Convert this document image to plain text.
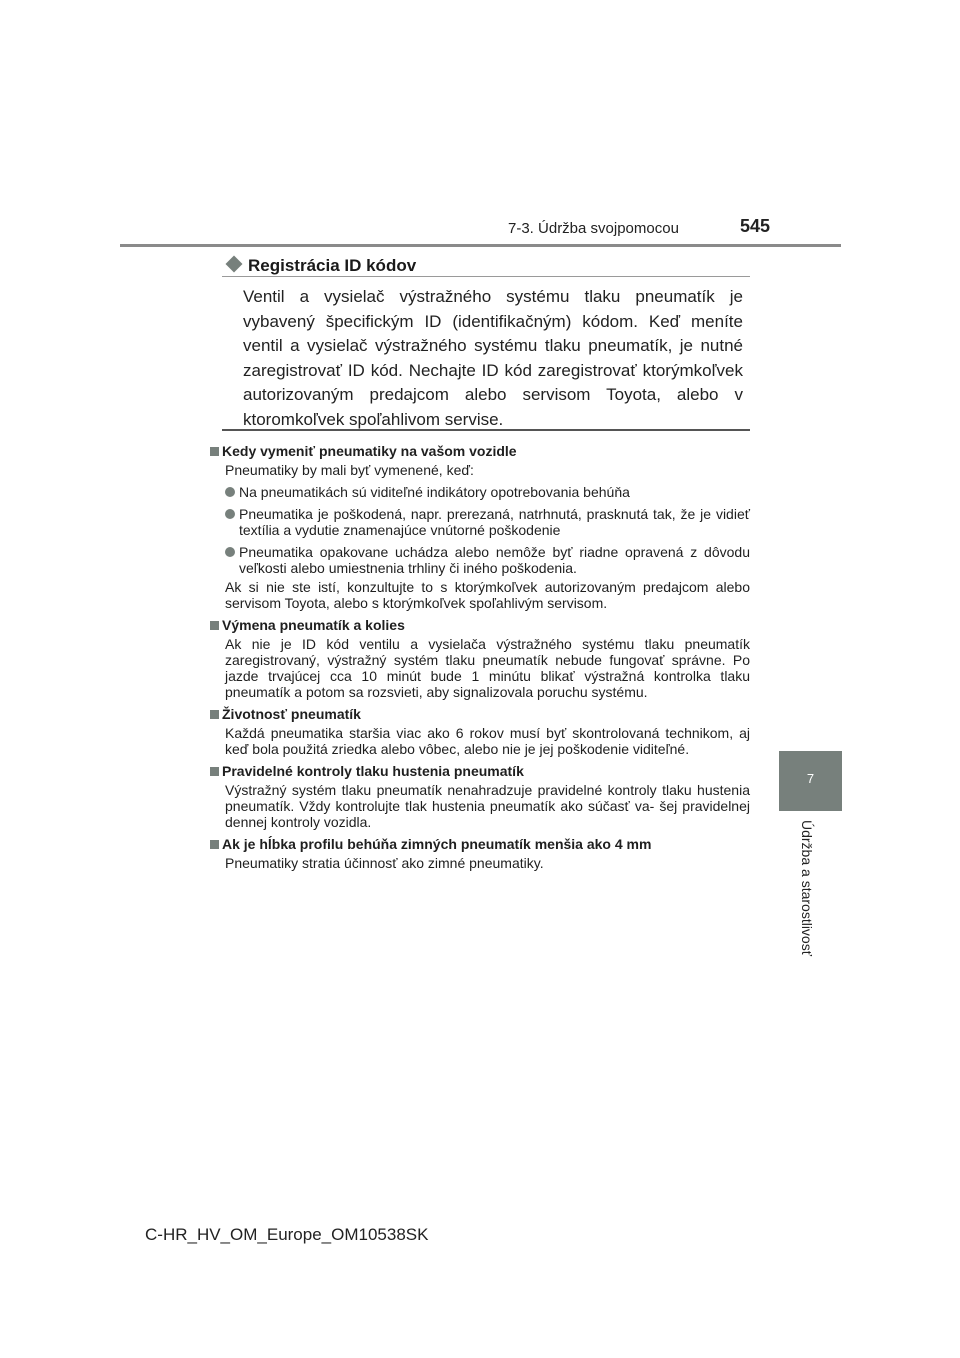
7-3. Údržba svojpomocou	545
7
Údržba a starostlivosť
Registrácia ID kódov
Ventil a vysielač výstražného systému tlaku pneumatík je vybavený špecifickým ID (identifikačným) kódom. Keď meníte ventil a vysielač výstražného systému tlaku pneumatík, je nutné zaregistrovať ID kód. Nechajte ID kód zaregistrovať ktorýmkoľvek autorizovaným predajcom alebo servisom Toyota, alebo v ktoromkoľvek spoľahlivom servise.
Kedy vymeniť pneumatiky na vašom vozidle
Pneumatiky by mali byť vymenené, keď:
Na pneumatikách sú viditeľné indikátory opotrebovania behúňa
Pneumatika je poškodená, napr. prerezaná, natrhnutá, prasknutá tak, že je vidieť textília a vydutie znamenajúce vnútorné poškodenie
Pneumatika opakovane uchádza alebo nemôže byť riadne opravená z dôvodu veľkosti alebo umiestnenia trhliny či iného poškodenia.
Ak si nie ste istí, konzultujte to s ktorýmkoľvek autorizovaným predajcom alebo servisom Toyota, alebo s ktorýmkoľvek spoľahlivým servisom.
Výmena pneumatík a kolies
Ak nie je ID kód ventilu a vysielača výstražného systému tlaku pneumatík zaregistrovaný, výstražný systém tlaku pneumatík nebude fungovať správne. Po jazde trvajúcej cca 10 minút bude 1 minútu blikať výstražná kontrolka tlaku pneumatík a potom sa rozsvieti, aby signalizovala poruchu systému.
Životnosť pneumatík
Každá pneumatika staršia viac ako 6 rokov musí byť skontrolovaná technikom, aj keď bola použitá zriedka alebo vôbec, alebo nie je jej poškodenie viditeľné.
Pravidelné kontroly tlaku hustenia pneumatík
Výstražný systém tlaku pneumatík nenahradzuje pravidelné kontroly tlaku hustenia pneumatík. Vždy kontrolujte tlak hustenia pneumatík ako súčasť va- šej pravidelnej dennej kontroly vozidla.
Ak je hĺbka profilu behúňa zimných pneumatík menšia ako 4 mm
Pneumatiky stratia účinnosť ako zimné pneumatiky.
C-HR_HV_OM_Europe_OM10538SK
